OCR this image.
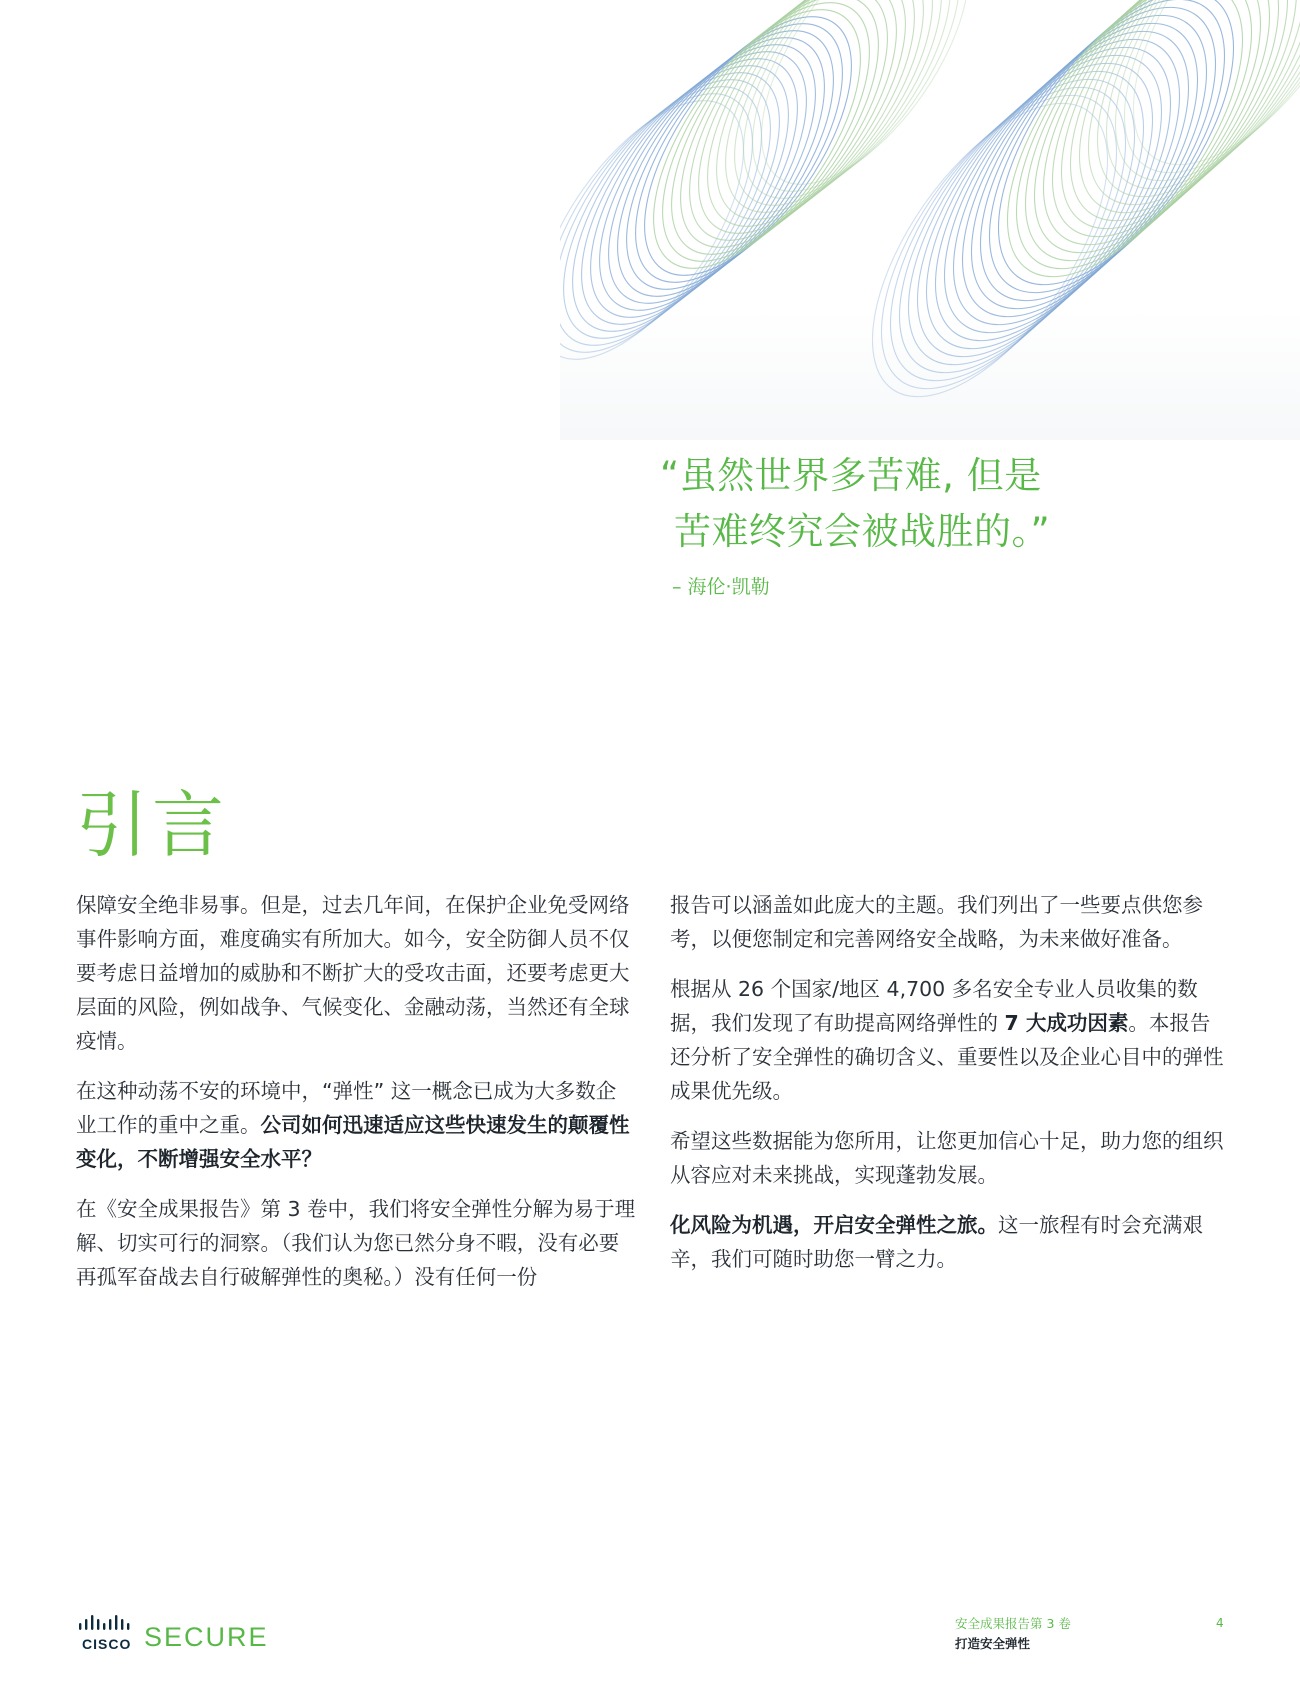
“虽然世界多苦难, 但是
苦难终究会被战胜的。”
– 海伦·凯勒
引言

保障安全绝非易事。但是，过去几年间，在保护企业免受网络事件影响方面，难度确实有所加大。如今，安全防御人员不仅要考虑日益增加的威胁和不断扩大的受攻击面，还要考虑更大层面的风险，例如战争、气候变化、金融动荡，当然还有全球疫情。

在这种动荡不安的环境中，“弹性” 这一概念已成为大多数企业工作的重中之重。公司如何迅速适应这些快速发生的颠覆性变化，不断增强安全水平？

在《安全成果报告》第 3 卷中，我们将安全弹性分解为易于理解、切实可行的洞察。（我们认为您已然分身不暇，没有必要再孤军奋战去自行破解弹性的奥秘。）没有任何一份

报告可以涵盖如此庞大的主题。我们列出了一些要点供您参考，以便您制定和完善网络安全战略，为未来做好准备。

根据从 26 个国家/地区 4,700 多名安全专业人员收集的数据，我们发现了有助提高网络弹性的 7 大成功因素。本报告还分析了安全弹性的确切含义、重要性以及企业心目中的弹性成果优先级。

希望这些数据能为您所用，让您更加信心十足，助力您的组织从容应对未来挑战，实现蓬勃发展。

化风险为机遇，开启安全弹性之旅。这一旅程有时会充满艰辛，我们可随时助您一臂之力。

CISCO SECURE	安全成果报告第 3 卷
打造安全弹性
4
